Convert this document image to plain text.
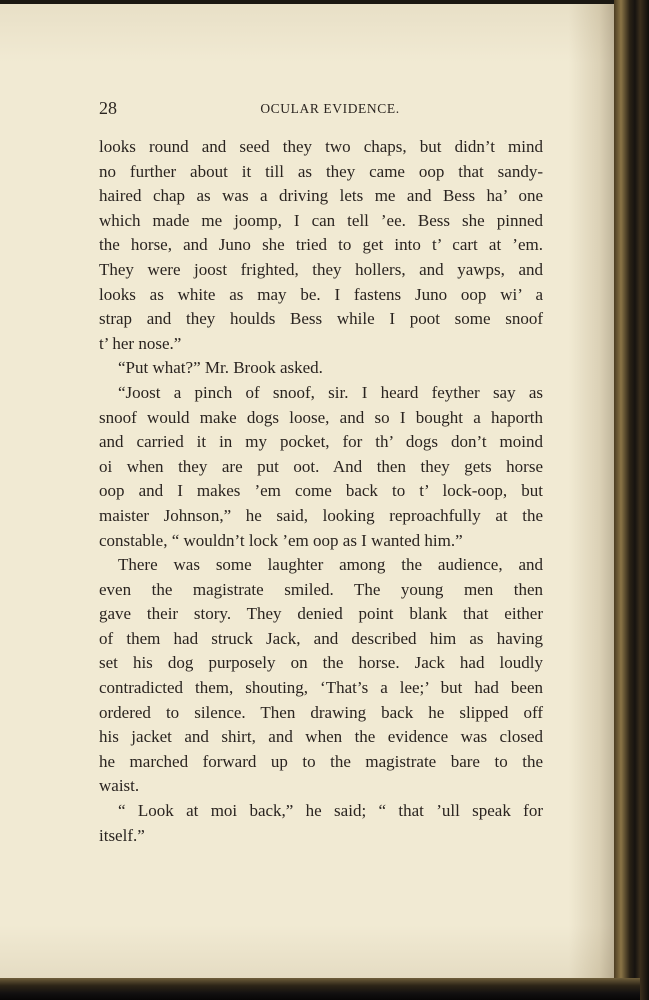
28	OCULAR EVIDENCE.
looks round and seed they two chaps, but didn’t mind
no further about it till as they came oop that sandy-
haired chap as was a driving lets me and Bess ha’ one
which made me joomp, I can tell ’ee. Bess she pinned
the horse, and Juno she tried to get into t’ cart at ’em.
They were joost frighted, they hollers, and yawps, and
looks as white as may be. I fastens Juno oop wi’ a
strap and they houlds Bess while I poot some snoof
t’ her nose.”
“Put what?” Mr. Brook asked.
“Joost a pinch of snoof, sir. I heard feyther say as
snoof would make dogs loose, and so I bought a haporth
and carried it in my pocket, for th’ dogs don’t moind
oi when they are put oot. And then they gets horse
oop and I makes ’em come back to t’ lock-oop, but
maister Johnson,” he said, looking reproachfully at the
constable, “ wouldn’t lock ’em oop as I wanted him.”
There was some laughter among the audience, and
even the magistrate smiled. The young men then
gave their story. They denied point blank that either
of them had struck Jack, and described him as having
set his dog purposely on the horse. Jack had loudly
contradicted them, shouting, ‘That’s a lee;’ but had been
ordered to silence. Then drawing back he slipped off
his jacket and shirt, and when the evidence was closed
he marched forward up to the magistrate bare to the
waist.
“ Look at moi back,” he said; “ that ’ull speak for
itself.”
